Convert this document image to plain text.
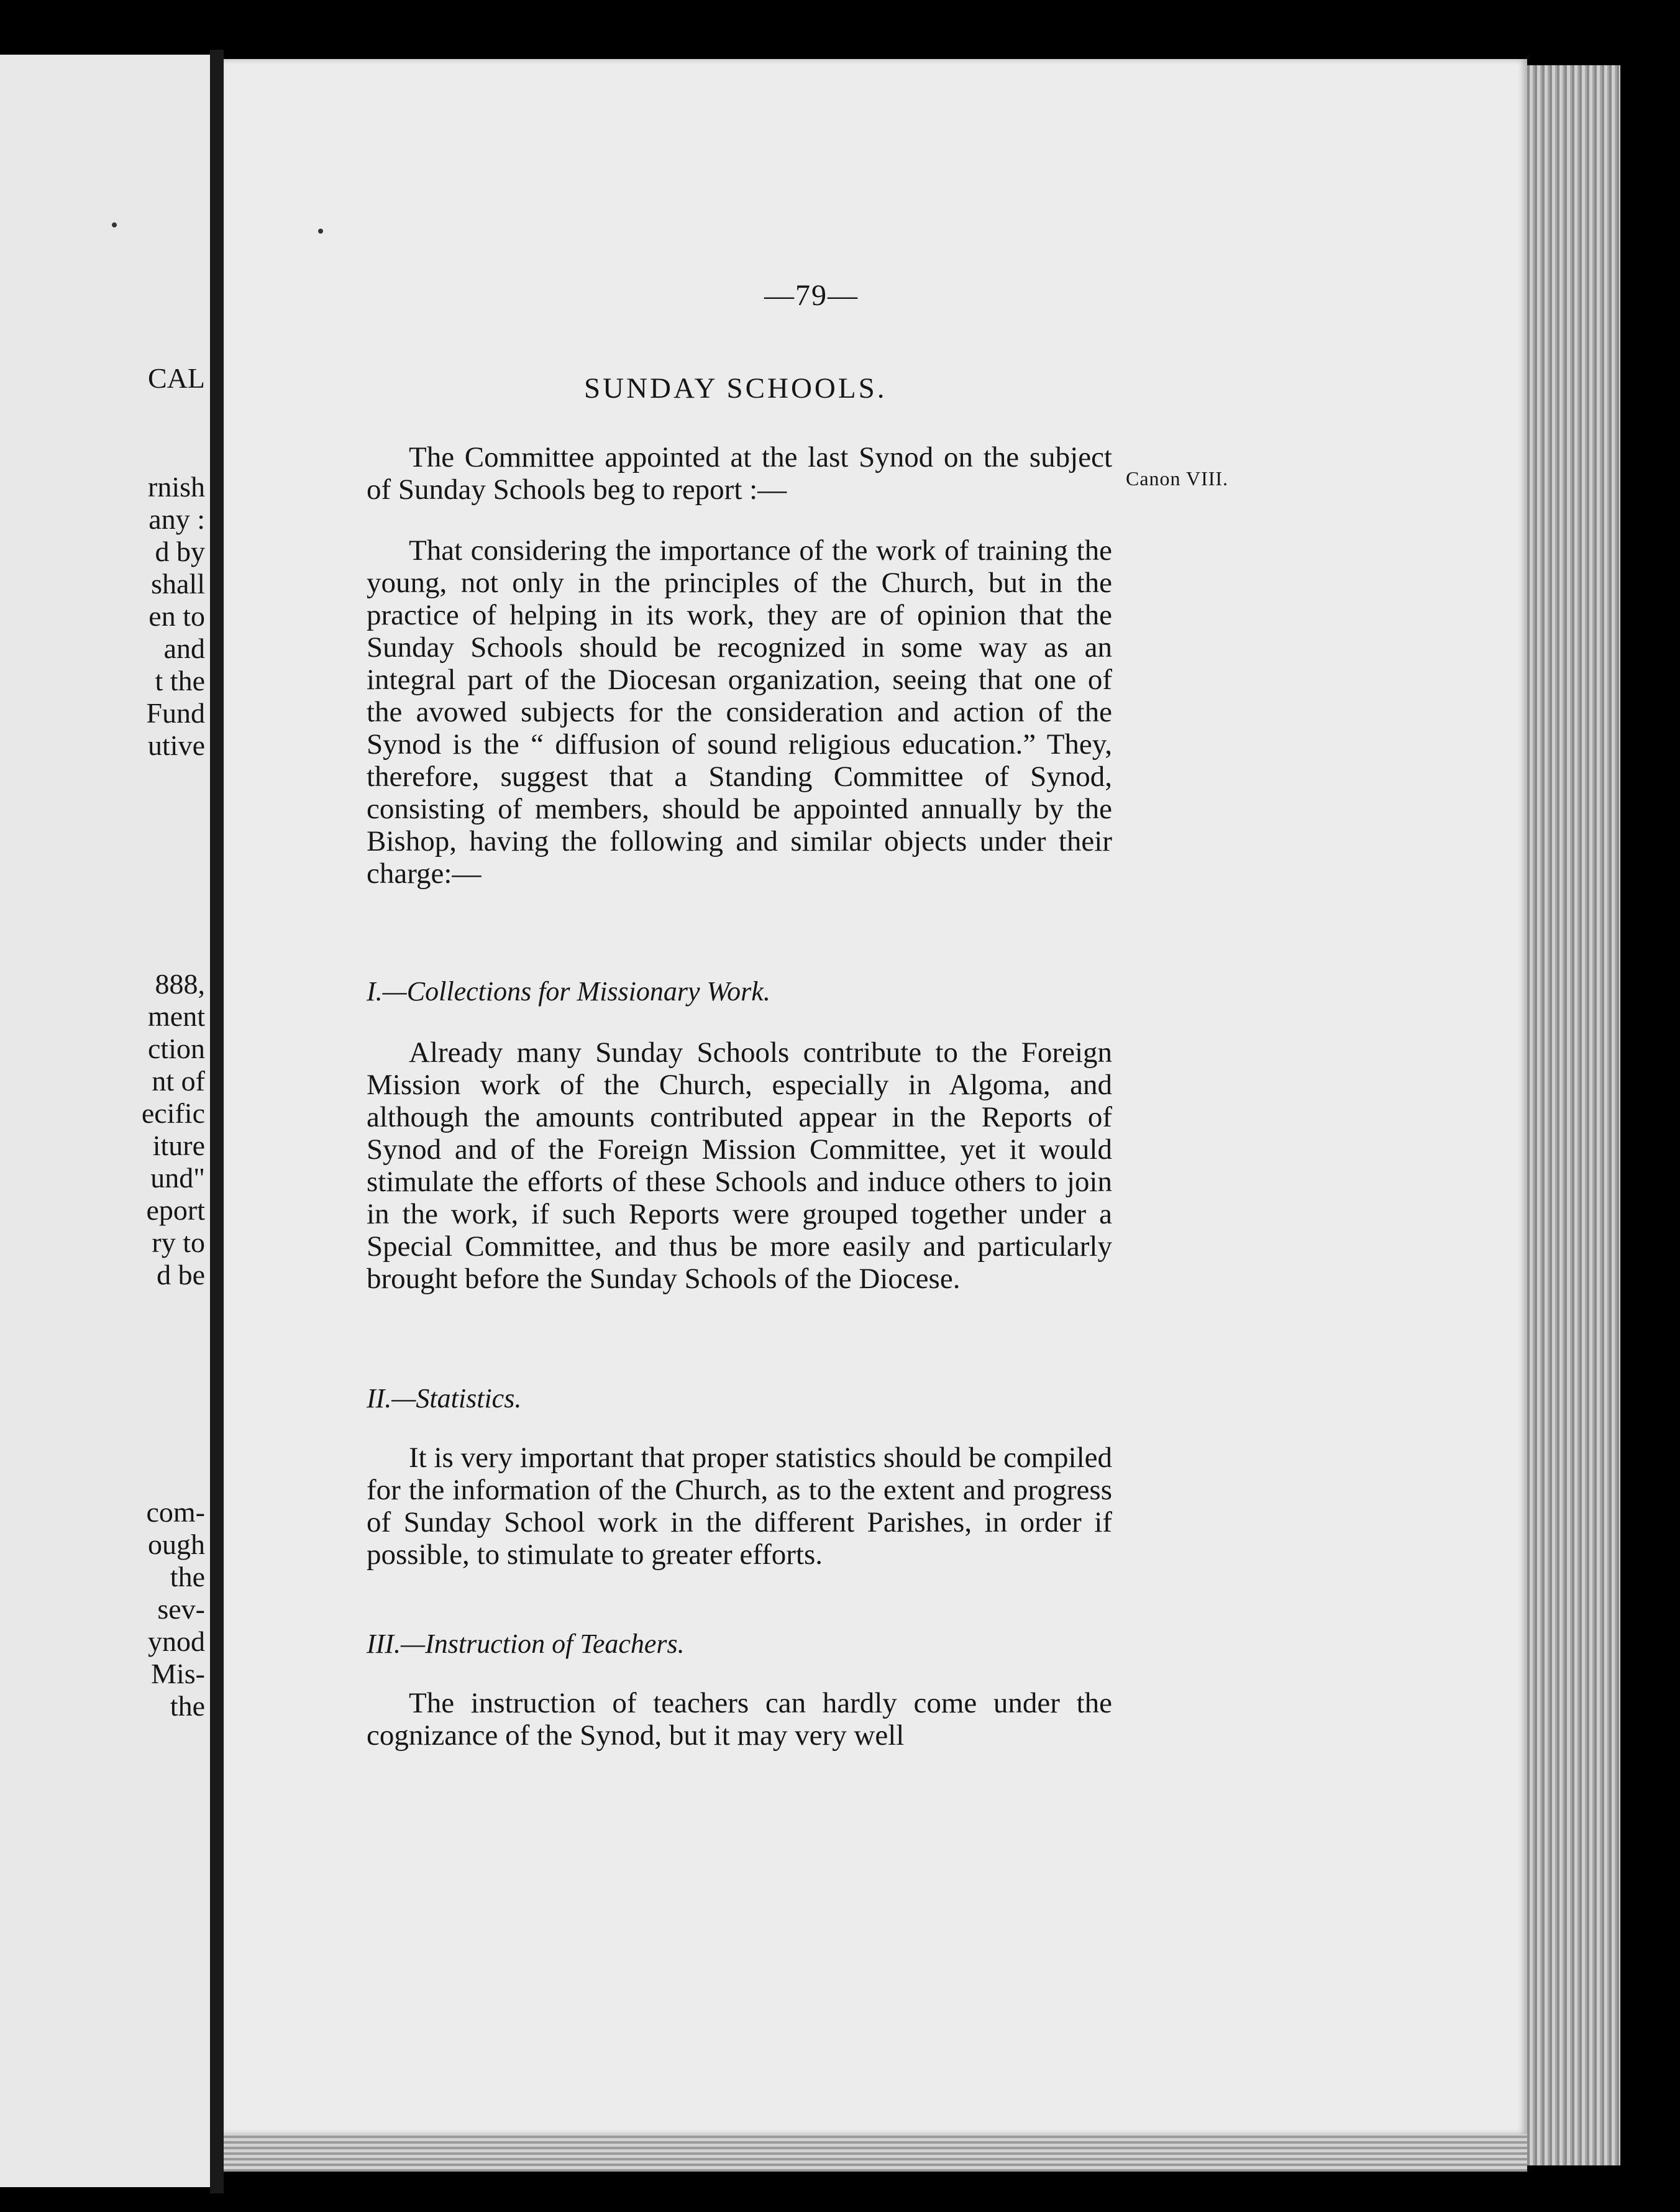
CAL
rnish
any :
d by
shall
en to
and
t the
Fund
utive
888,
ment
ction
nt of
ecific
iture
und"
eport
ry to
d be
com-
ough
the
sev-
ynod
Mis-
the
—79—
SUNDAY SCHOOLS.
Canon VIII.
The Committee appointed at the last Synod on the subject of Sunday Schools beg to report :—
That considering the importance of the work of training the young, not only in the principles of the Church, but in the practice of helping in its work, they are of opinion that the Sunday Schools should be recognized in some way as an integral part of the Diocesan organization, seeing that one of the avowed subjects for the consideration and action of the Synod is the “ diffusion of sound religious education.” They, therefore, suggest that a Standing Committee of Synod, consisting of members, should be appointed annually by the Bishop, having the following and similar objects under their charge:—
I.—Collections for Missionary Work.
Already many Sunday Schools contribute to the Foreign Mission work of the Church, especially in Algoma, and although the amounts contributed appear in the Reports of Synod and of the Foreign Mission Committee, yet it would stimulate the efforts of these Schools and induce others to join in the work, if such Reports were grouped together under a Special Committee, and thus be more easily and particularly brought before the Sunday Schools of the Diocese.
II.—Statistics.
It is very important that proper statistics should be compiled for the information of the Church, as to the extent and progress of Sunday School work in the different Parishes, in order if possible, to stimulate to greater efforts.
III.—Instruction of Teachers.
The instruction of teachers can hardly come under the cognizance of the Synod, but it may very well
